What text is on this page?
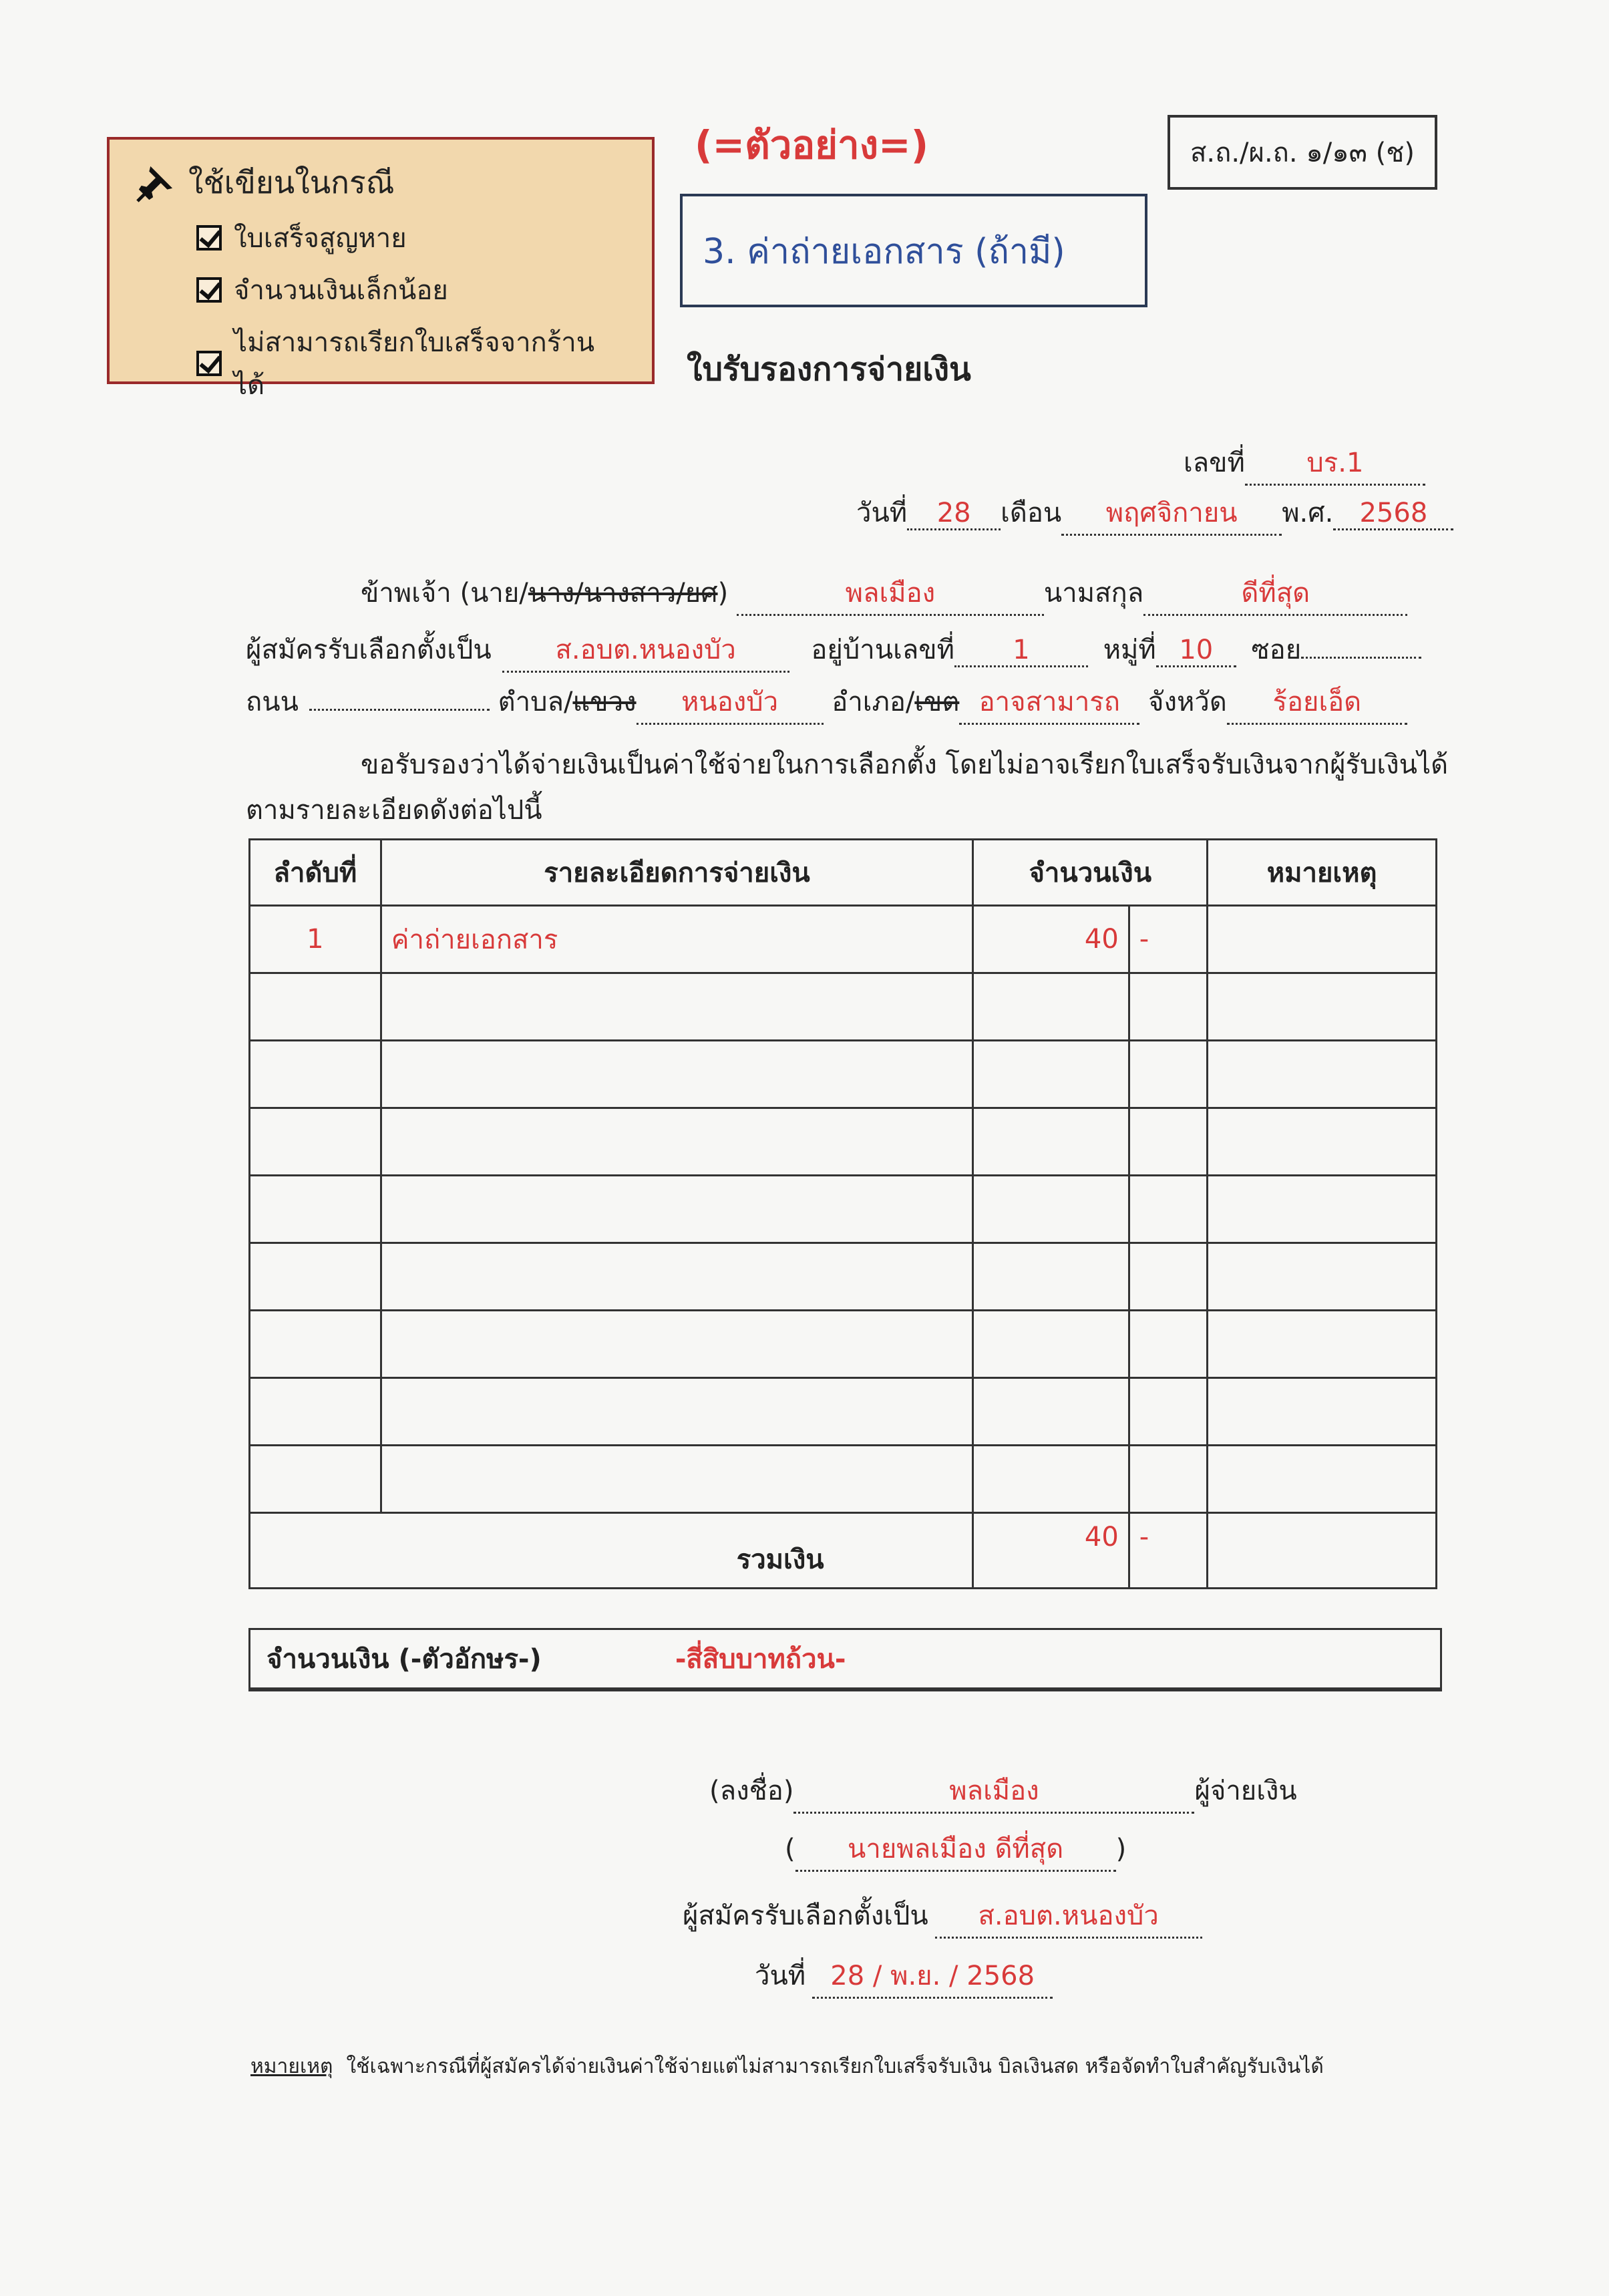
ใช้เขียนในกรณี
ใบเสร็จสูญหาย
จำนวนเงินเล็กน้อย
ไม่สามารถเรียกใบเสร็จจากร้านได้
(=ตัวอย่าง=)	ส.ถ./ผ.ถ. ๑/๑๓ (ช)
3. ค่าถ่ายเอกสาร (ถ้ามี)
ใบรับรองการจ่ายเงิน
เลขที่ บร.1
วันที่ 28 เดือน พฤศจิกายน พ.ศ. 2568
ข้าพเจ้า (นาย/นาง/นางสาว/ยศ)	พลเมือง	นามสกุล	ดีที่สุด
ผู้สมัครรับเลือกตั้งเป็น ส.อบต.หนองบัว	อยู่บ้านเลขที่ 1	หมู่ที่ 10 ซอย
ถนน	ตำบล/แขวง หนองบัว อำเภอ/เขต อาจสามารถ จังหวัด ร้อยเอ็ด
ขอรับรองว่าได้จ่ายเงินเป็นค่าใช้จ่ายในการเลือกตั้ง โดยไม่อาจเรียกใบเสร็จรับเงินจากผู้รับเงินได้
ตามรายละเอียดดังต่อไปนี้
ลำดับที่	รายละเอียดการจ่ายเงิน	จำนวนเงิน		หมายเหตุ
1	ค่าถ่ายเอกสาร	40	-	

รวมเงิน		40	-	
จำนวนเงิน (-ตัวอักษร-)	-สี่สิบบาทถ้วน-
(ลงชื่อ)	พลเมือง	ผู้จ่ายเงิน
( นายพลเมือง ดีที่สุด )
ผู้สมัครรับเลือกตั้งเป็น ส.อบต.หนองบัว
วันที่ 28 / พ.ย. / 2568
หมายเหตุ ใช้เฉพาะกรณีที่ผู้สมัครได้จ่ายเงินค่าใช้จ่ายแต่ไม่สามารถเรียกใบเสร็จรับเงิน บิลเงินสด หรือจัดทำใบสำคัญรับเงินได้
